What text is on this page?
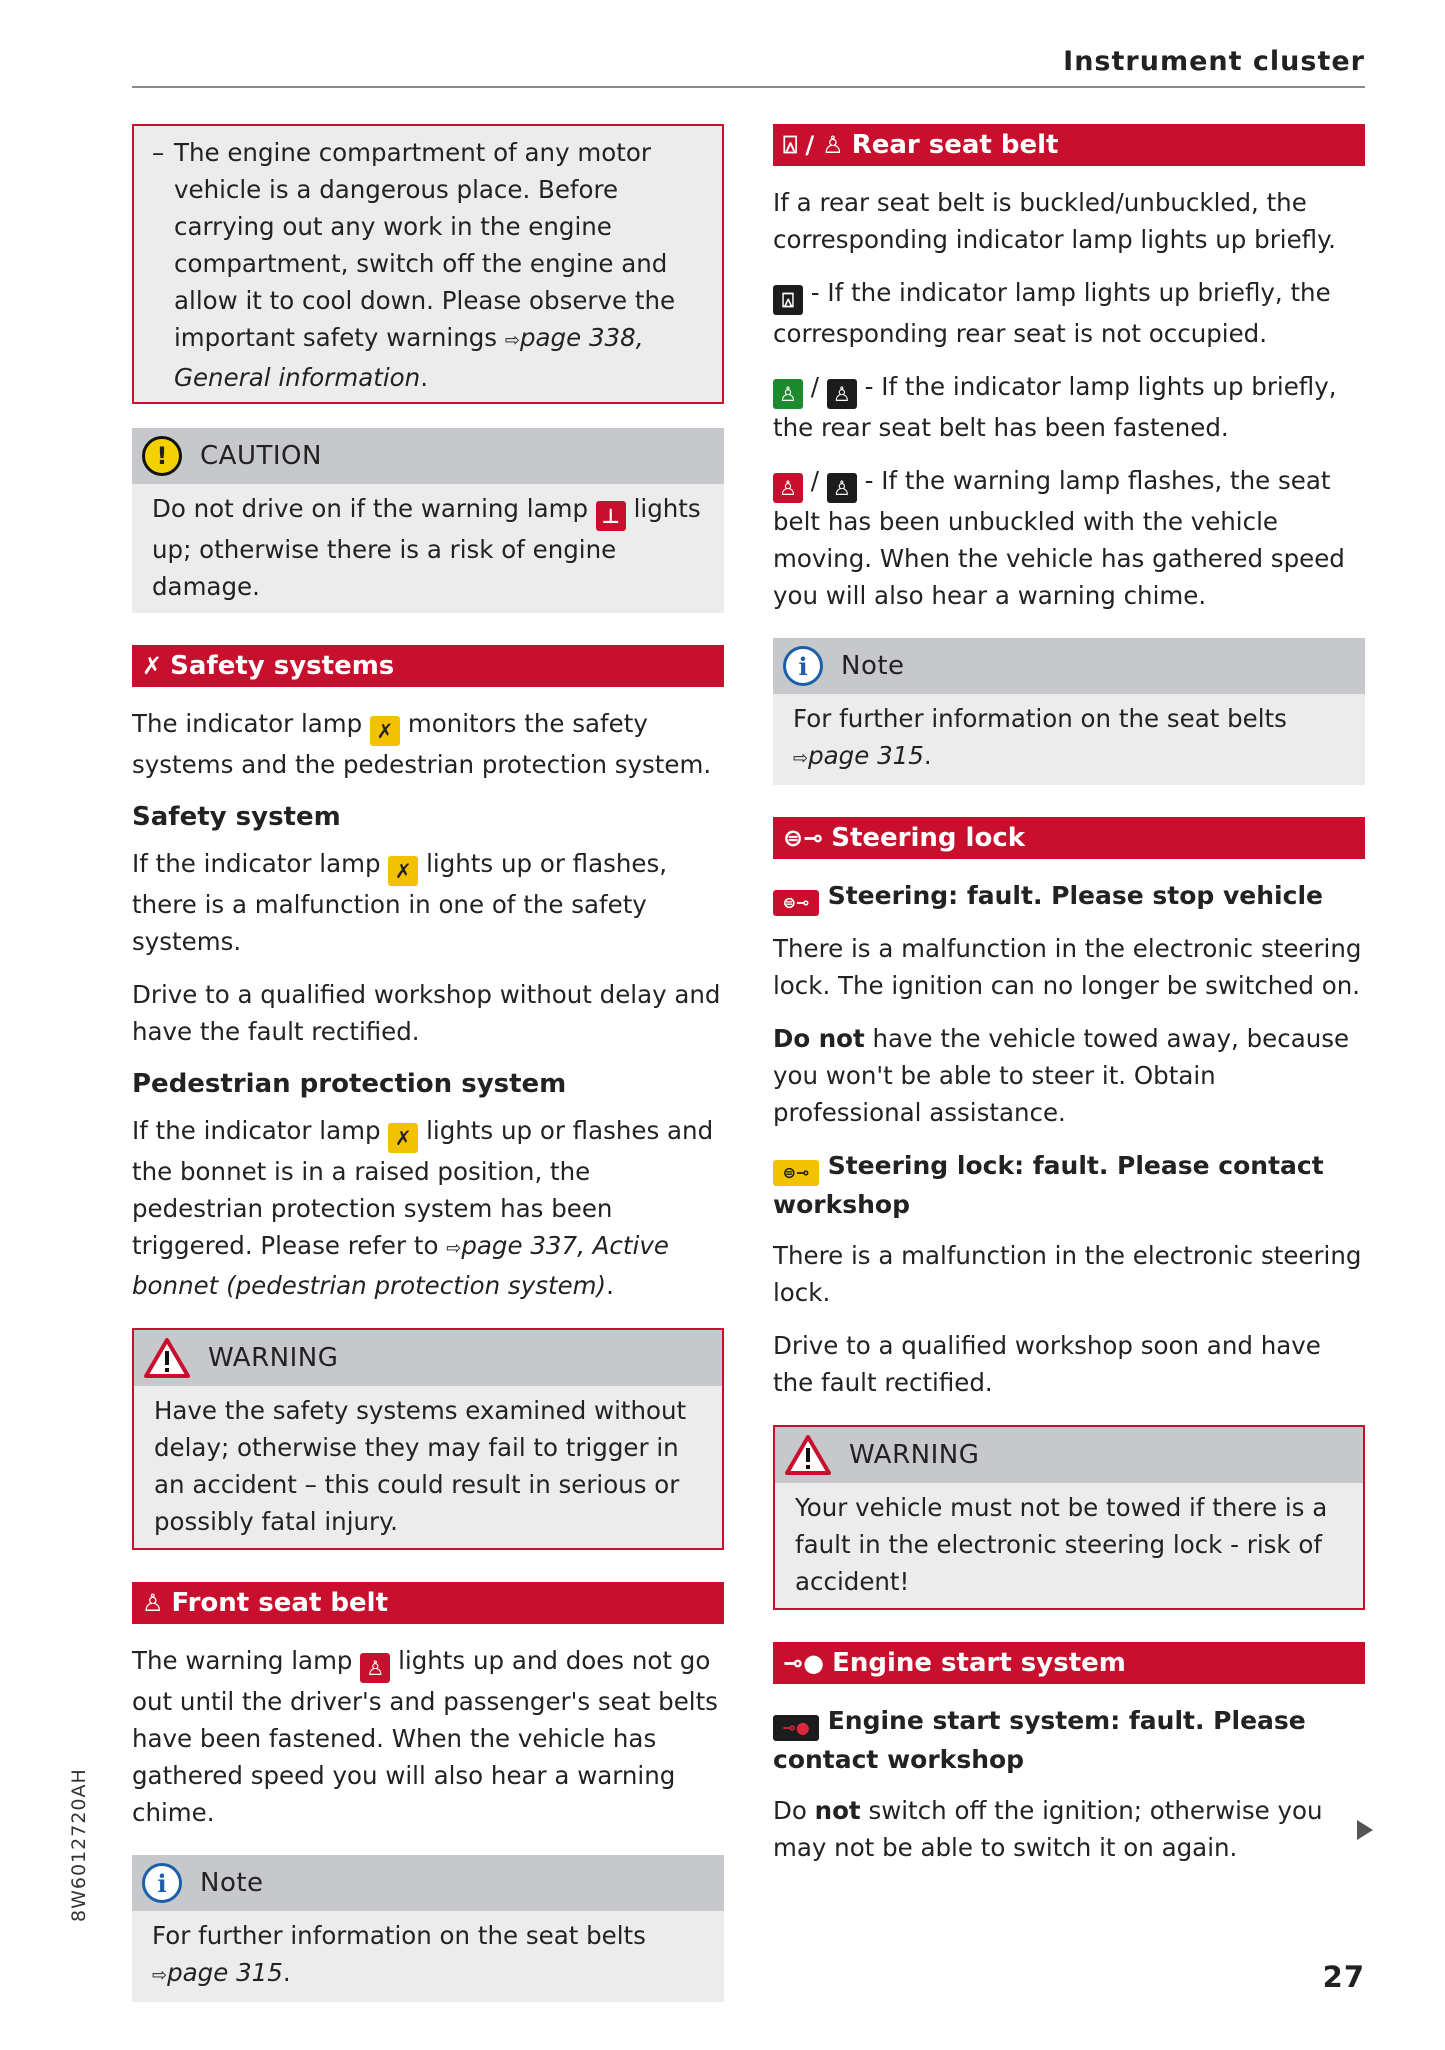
Instrument cluster
– The engine compartment of any motor vehicle is a dangerous place. Before carrying out any work in the engine compartment, switch off the engine and allow it to cool down. Please observe the important safety warnings ⇨page 338, General information.
!	CAUTION
Do not drive on if the warning lamp ⊥ lights up; otherwise there is a risk of engine damage.
✗ Safety systems

The indicator lamp ✗ monitors the safety systems and the pedestrian protection system.

Safety system

If the indicator lamp ✗ lights up or flashes, there is a malfunction in one of the safety systems.

Drive to a qualified workshop without delay and have the fault rectified.

Pedestrian protection system

If the indicator lamp ✗ lights up or flashes and the bonnet is in a raised position, the pedestrian protection system has been triggered. Please refer to ⇨page 337, Active bonnet (pedestrian protection system).

WARNING
Have the safety systems examined without delay; otherwise they may fail to trigger in an accident – this could result in serious or possibly fatal injury.
♙ Front seat belt

The warning lamp ♙ lights up and does not go out until the driver's and passenger's seat belts have been fastened. When the vehicle has gathered speed you will also hear a warning chime.

i	Note
For further information on the seat belts
⇨page 315.
⍓ / ♙ Rear seat belt

If a rear seat belt is buckled/unbuckled, the corresponding indicator lamp lights up briefly.

⍓ - If the indicator lamp lights up briefly, the corresponding rear seat is not occupied.

♙ / ♙ - If the indicator lamp lights up briefly, the rear seat belt has been fastened.

♙ / ♙ - If the warning lamp flashes, the seat belt has been unbuckled with the vehicle moving. When the vehicle has gathered speed you will also hear a warning chime.

i	Note
For further information on the seat belts
⇨page 315.
⊜⊸ Steering lock
⊜⊸ Steering: fault. Please stop vehicle

There is a malfunction in the electronic steering lock. The ignition can no longer be switched on.

Do not have the vehicle towed away, because you won't be able to steer it. Obtain professional assistance.

⊜⊸ Steering lock: fault. Please contact workshop

There is a malfunction in the electronic steering lock.

Drive to a qualified workshop soon and have the fault rectified.

WARNING
Your vehicle must not be towed if there is a fault in the electronic steering lock - risk of accident!
⊸● Engine start system
⊸● Engine start system: fault. Please contact workshop

Do not switch off the ignition; otherwise you may not be able to switch it on again.

8W6012720AH
27
